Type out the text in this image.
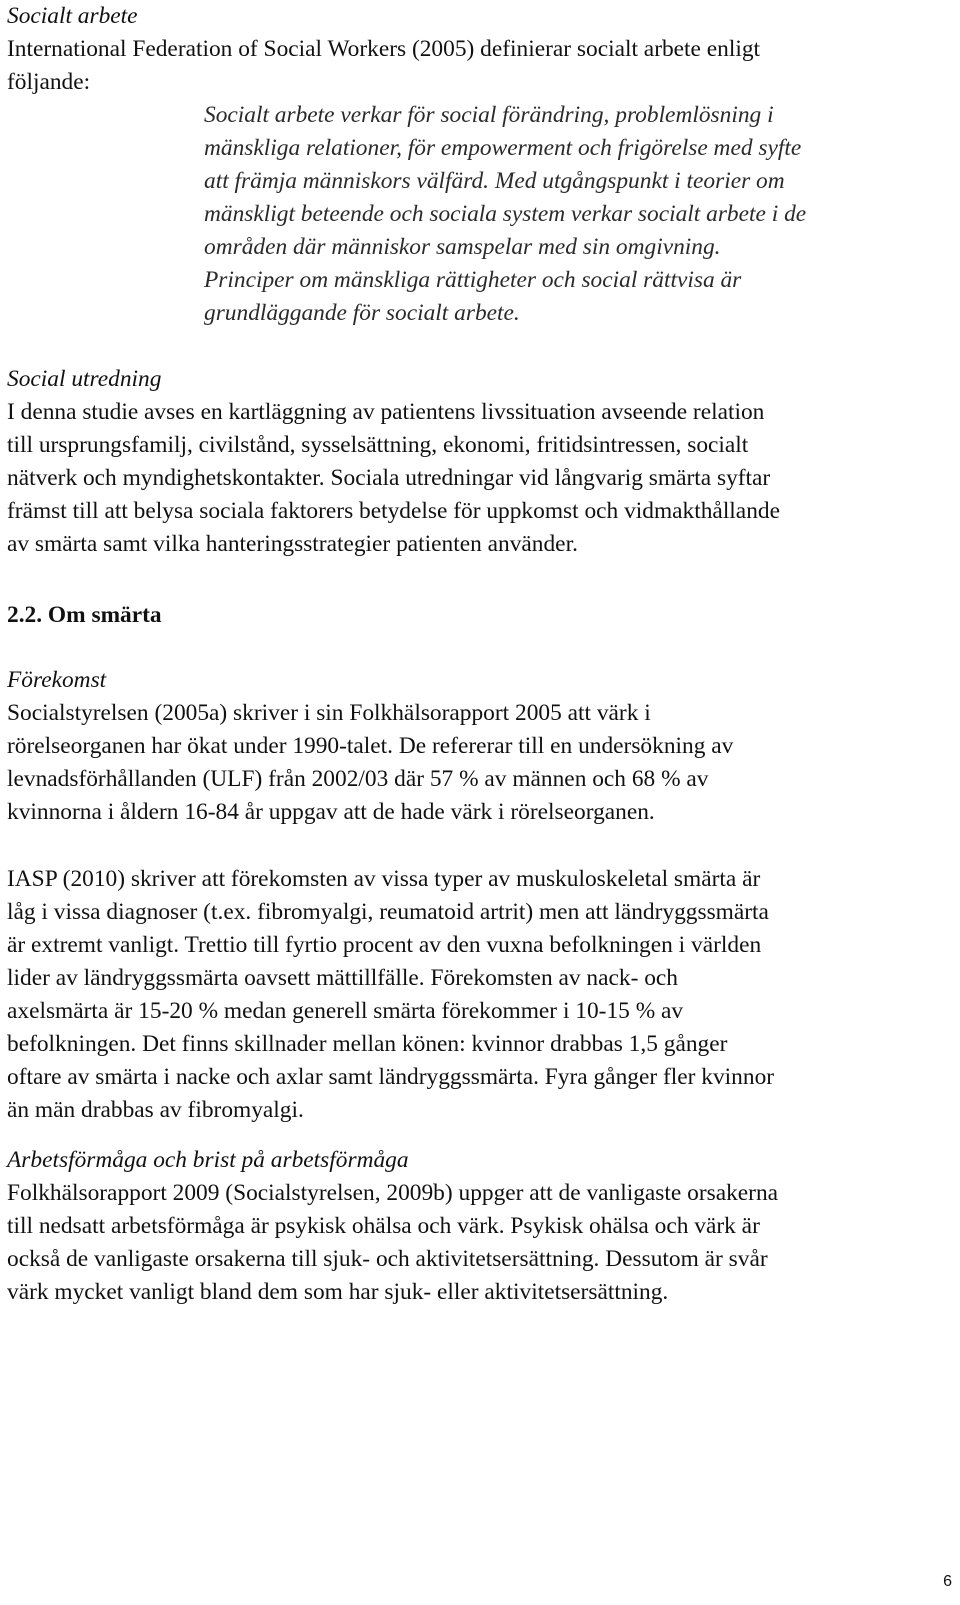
Socialt arbete

International Federation of Social Workers (2005) definierar socialt arbete enligt

följande:

Socialt arbete verkar för social förändring, problemlösning i

mänskliga relationer, för empowerment och frigörelse med syfte

att främja människors välfärd. Med utgångspunkt i teorier om

mänskligt beteende och sociala system verkar socialt arbete i de

områden där människor samspelar med sin omgivning.

Principer om mänskliga rättigheter och social rättvisa är

grundläggande för socialt arbete.

Social utredning

I denna studie avses en kartläggning av patientens livssituation avseende relation

till ursprungsfamilj, civilstånd, sysselsättning, ekonomi, fritidsintressen, socialt

nätverk och myndighetskontakter. Sociala utredningar vid långvarig smärta syftar

främst till att belysa sociala faktorers betydelse för uppkomst och vidmakthållande

av smärta samt vilka hanteringsstrategier patienten använder.

2.2. Om smärta

Förekomst

Socialstyrelsen (2005a) skriver i sin Folkhälsorapport 2005 att värk i

rörelseorganen har ökat under 1990-talet. De refererar till en undersökning av

levnadsförhållanden (ULF) från 2002/03 där 57 % av männen och 68 % av

kvinnorna i åldern 16-84 år uppgav att de hade värk i rörelseorganen.

IASP (2010) skriver att förekomsten av vissa typer av muskuloskeletal smärta är

låg i vissa diagnoser (t.ex. fibromyalgi, reumatoid artrit) men att ländryggssmärta

är extremt vanligt. Trettio till fyrtio procent av den vuxna befolkningen i världen

lider av ländryggssmärta oavsett mättillfälle. Förekomsten av nack- och

axelsmärta är 15-20 % medan generell smärta förekommer i 10-15 % av

befolkningen. Det finns skillnader mellan könen: kvinnor drabbas 1,5 gånger

oftare av smärta i nacke och axlar samt ländryggssmärta. Fyra gånger fler kvinnor

än män drabbas av fibromyalgi.

Arbetsförmåga och brist på arbetsförmåga

Folkhälsorapport 2009 (Socialstyrelsen, 2009b) uppger att de vanligaste orsakerna

till nedsatt arbetsförmåga är psykisk ohälsa och värk. Psykisk ohälsa och värk är

också de vanligaste orsakerna till sjuk- och aktivitetsersättning. Dessutom är svår

värk mycket vanligt bland dem som har sjuk- eller aktivitetsersättning.

6
